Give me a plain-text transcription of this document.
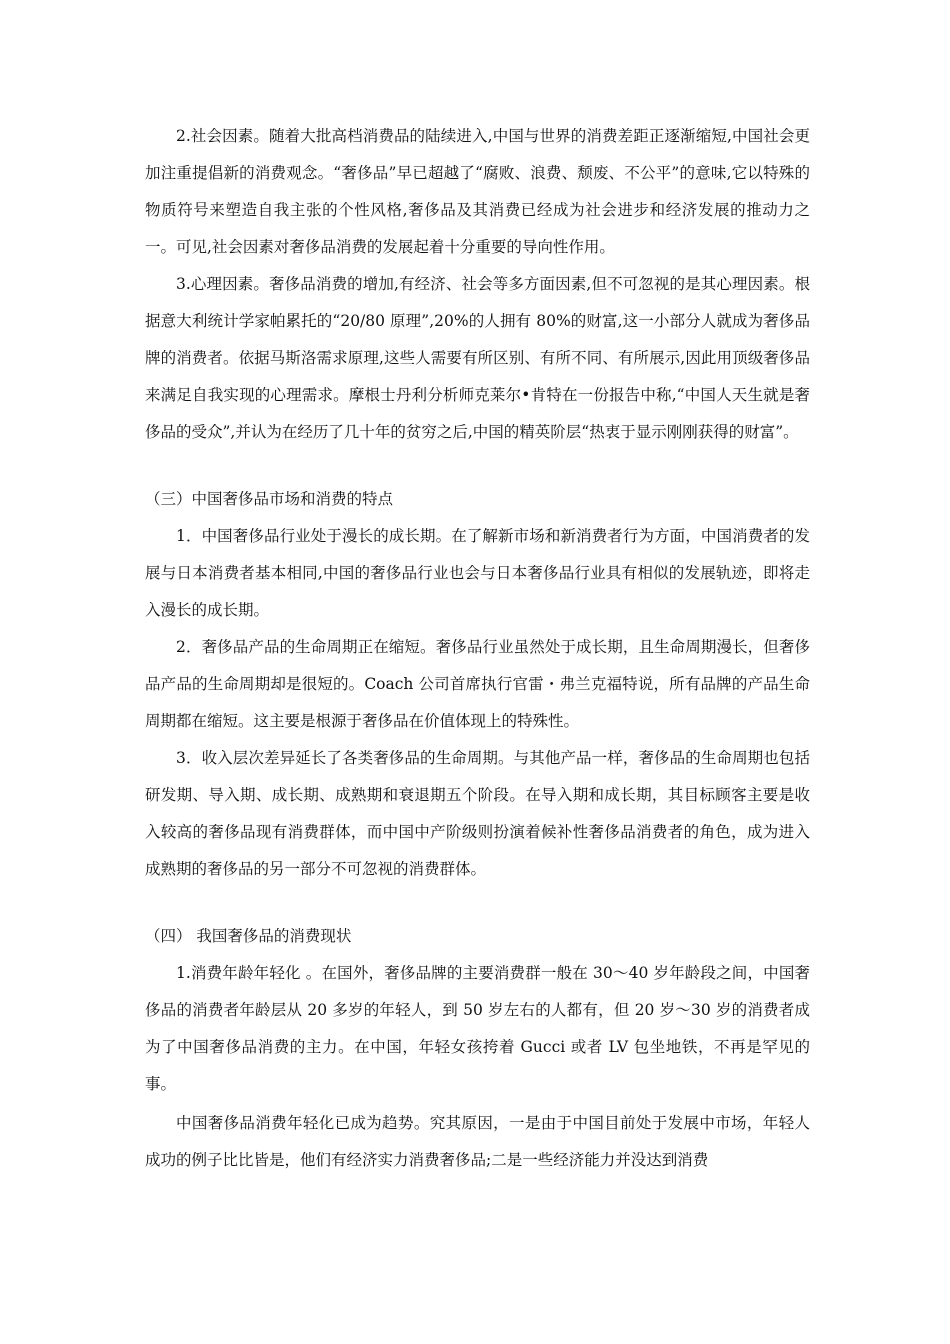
2.社会因素。随着大批高档消费品的陆续进入,中国与世界的消费差距正逐渐缩短,中国社会更加注重提倡新的消费观念。“奢侈品”早已超越了“腐败、浪费、颓废、不公平”的意味,它以特殊的物质符号来塑造自我主张的个性风格,奢侈品及其消费已经成为社会进步和经济发展的推动力之一。可见,社会因素对奢侈品消费的发展起着十分重要的导向性作用。

3.心理因素。奢侈品消费的增加,有经济、社会等多方面因素,但不可忽视的是其心理因素。根据意大利统计学家帕累托的“20/80 原理”,20%的人拥有 80%的财富,这一小部分人就成为奢侈品牌的消费者。依据马斯洛需求原理,这些人需要有所区别、有所不同、有所展示,因此用顶级奢侈品来满足自我实现的心理需求。摩根士丹利分析师克莱尔•肯特在一份报告中称,“中国人天生就是奢侈品的受众”,并认为在经历了几十年的贫穷之后,中国的精英阶层“热衷于显示刚刚获得的财富”。

（三）中国奢侈品市场和消费的特点

1．中国奢侈品行业处于漫长的成长期。在了解新市场和新消费者行为方面，中国消费者的发展与日本消费者基本相同,中国的奢侈品行业也会与日本奢侈品行业具有相似的发展轨迹，即将走入漫长的成长期。

2．奢侈品产品的生命周期正在缩短。奢侈品行业虽然处于成长期，且生命周期漫长，但奢侈品产品的生命周期却是很短的。Coach 公司首席执行官雷・弗兰克福特说，所有品牌的产品生命周期都在缩短。这主要是根源于奢侈品在价值体现上的特殊性。

3．收入层次差异延长了各类奢侈品的生命周期。与其他产品一样，奢侈品的生命周期也包括研发期、导入期、成长期、成熟期和衰退期五个阶段。在导入期和成长期，其目标顾客主要是收入较高的奢侈品现有消费群体，而中国中产阶级则扮演着候补性奢侈品消费者的角色，成为进入成熟期的奢侈品的另一部分不可忽视的消费群体。

（四） 我国奢侈品的消费现状

1.消费年龄年轻化 。在国外，奢侈品牌的主要消费群一般在 30～40 岁年龄段之间，中国奢侈品的消费者年龄层从 20 多岁的年轻人，到 50 岁左右的人都有，但 20 岁～30 岁的消费者成为了中国奢侈品消费的主力。在中国，年轻女孩挎着 Gucci 或者 LV 包坐地铁，不再是罕见的事。

中国奢侈品消费年轻化已成为趋势。究其原因，一是由于中国目前处于发展中市场，年轻人成功的例子比比皆是，他们有经济实力消费奢侈品;二是一些经济能力并没达到消费
